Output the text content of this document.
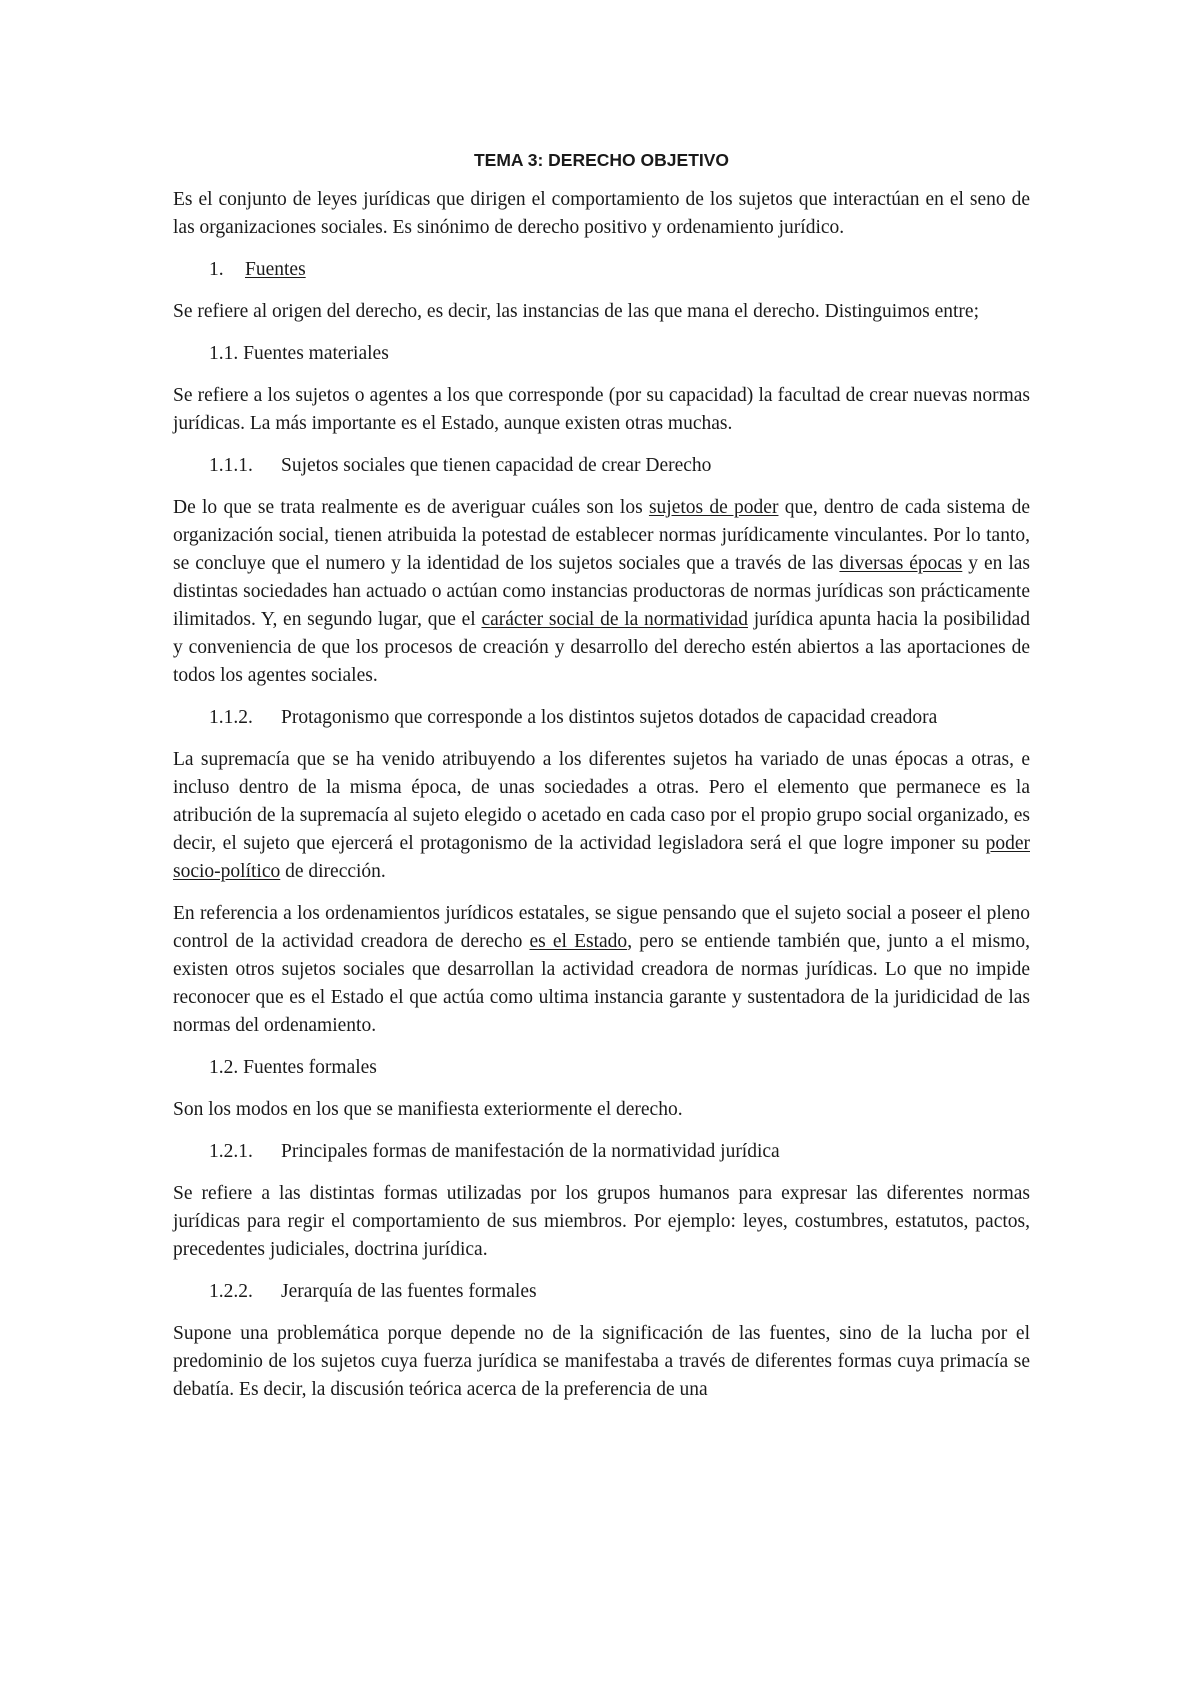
TEMA 3: DERECHO OBJETIVO

Es el conjunto de leyes jurídicas que dirigen el comportamiento de los sujetos que interactúan en el seno de las organizaciones sociales. Es sinónimo de derecho positivo y ordenamiento jurídico.

1. Fuentes

Se refiere al origen del derecho, es decir, las instancias de las que mana el derecho. Distinguimos entre;

1.1. Fuentes materiales

Se refiere a los sujetos o agentes a los que corresponde (por su capacidad) la facultad de crear nuevas normas jurídicas. La más importante es el Estado, aunque existen otras muchas.

1.1.1. Sujetos sociales que tienen capacidad de crear Derecho

De lo que se trata realmente es de averiguar cuáles son los sujetos de poder que, dentro de cada sistema de organización social, tienen atribuida la potestad de establecer normas jurídicamente vinculantes. Por lo tanto, se concluye que el numero y la identidad de los sujetos sociales que a través de las diversas épocas y en las distintas sociedades han actuado o actúan como instancias productoras de normas jurídicas son prácticamente ilimitados. Y, en segundo lugar, que el carácter social de la normatividad jurídica apunta hacia la posibilidad y conveniencia de que los procesos de creación y desarrollo del derecho estén abiertos a las aportaciones de todos los agentes sociales.

1.1.2. Protagonismo que corresponde a los distintos sujetos dotados de capacidad creadora

La supremacía que se ha venido atribuyendo a los diferentes sujetos ha variado de unas épocas a otras, e incluso dentro de la misma época, de unas sociedades a otras. Pero el elemento que permanece es la atribución de la supremacía al sujeto elegido o acetado en cada caso por el propio grupo social organizado, es decir, el sujeto que ejercerá el protagonismo de la actividad legisladora será el que logre imponer su poder socio-político de dirección.

En referencia a los ordenamientos jurídicos estatales, se sigue pensando que el sujeto social a poseer el pleno control de la actividad creadora de derecho es el Estado, pero se entiende también que, junto a el mismo, existen otros sujetos sociales que desarrollan la actividad creadora de normas jurídicas. Lo que no impide reconocer que es el Estado el que actúa como ultima instancia garante y sustentadora de la juridicidad de las normas del ordenamiento.

1.2. Fuentes formales

Son los modos en los que se manifiesta exteriormente el derecho.

1.2.1. Principales formas de manifestación de la normatividad jurídica

Se refiere a las distintas formas utilizadas por los grupos humanos para expresar las diferentes normas jurídicas para regir el comportamiento de sus miembros. Por ejemplo: leyes, costumbres, estatutos, pactos, precedentes judiciales, doctrina jurídica.

1.2.2. Jerarquía de las fuentes formales

Supone una problemática porque depende no de la significación de las fuentes, sino de la lucha por el predominio de los sujetos cuya fuerza jurídica se manifestaba a través de diferentes formas cuya primacía se debatía. Es decir, la discusión teórica acerca de la preferencia de una
